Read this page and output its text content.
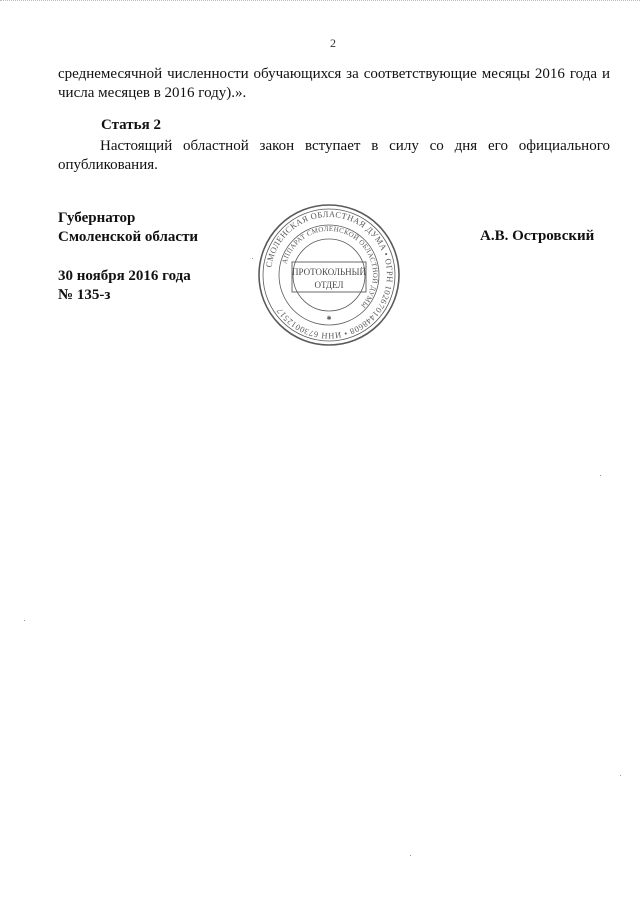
2
среднемесячной численности обучающихся за соответствующие месяцы 2016 года и числа месяцев в 2016 году).».
Статья 2
Настоящий областной закон вступает в силу со дня его официального опубликования.
Губернатор
Смоленской области
30 ноября 2016 года
№ 135-з
А.В. Островский
СМОЛЕНСКАЯ ОБЛАСТНАЯ ДУМА • ОГРН 1026701448608 • ИНН 6730012517
АППАРАТ СМОЛЕНСКОЙ ОБЛАСТНОЙ ДУМЫ
ПРОТОКОЛЬНЫЙ
ОТДЕЛ
✱
